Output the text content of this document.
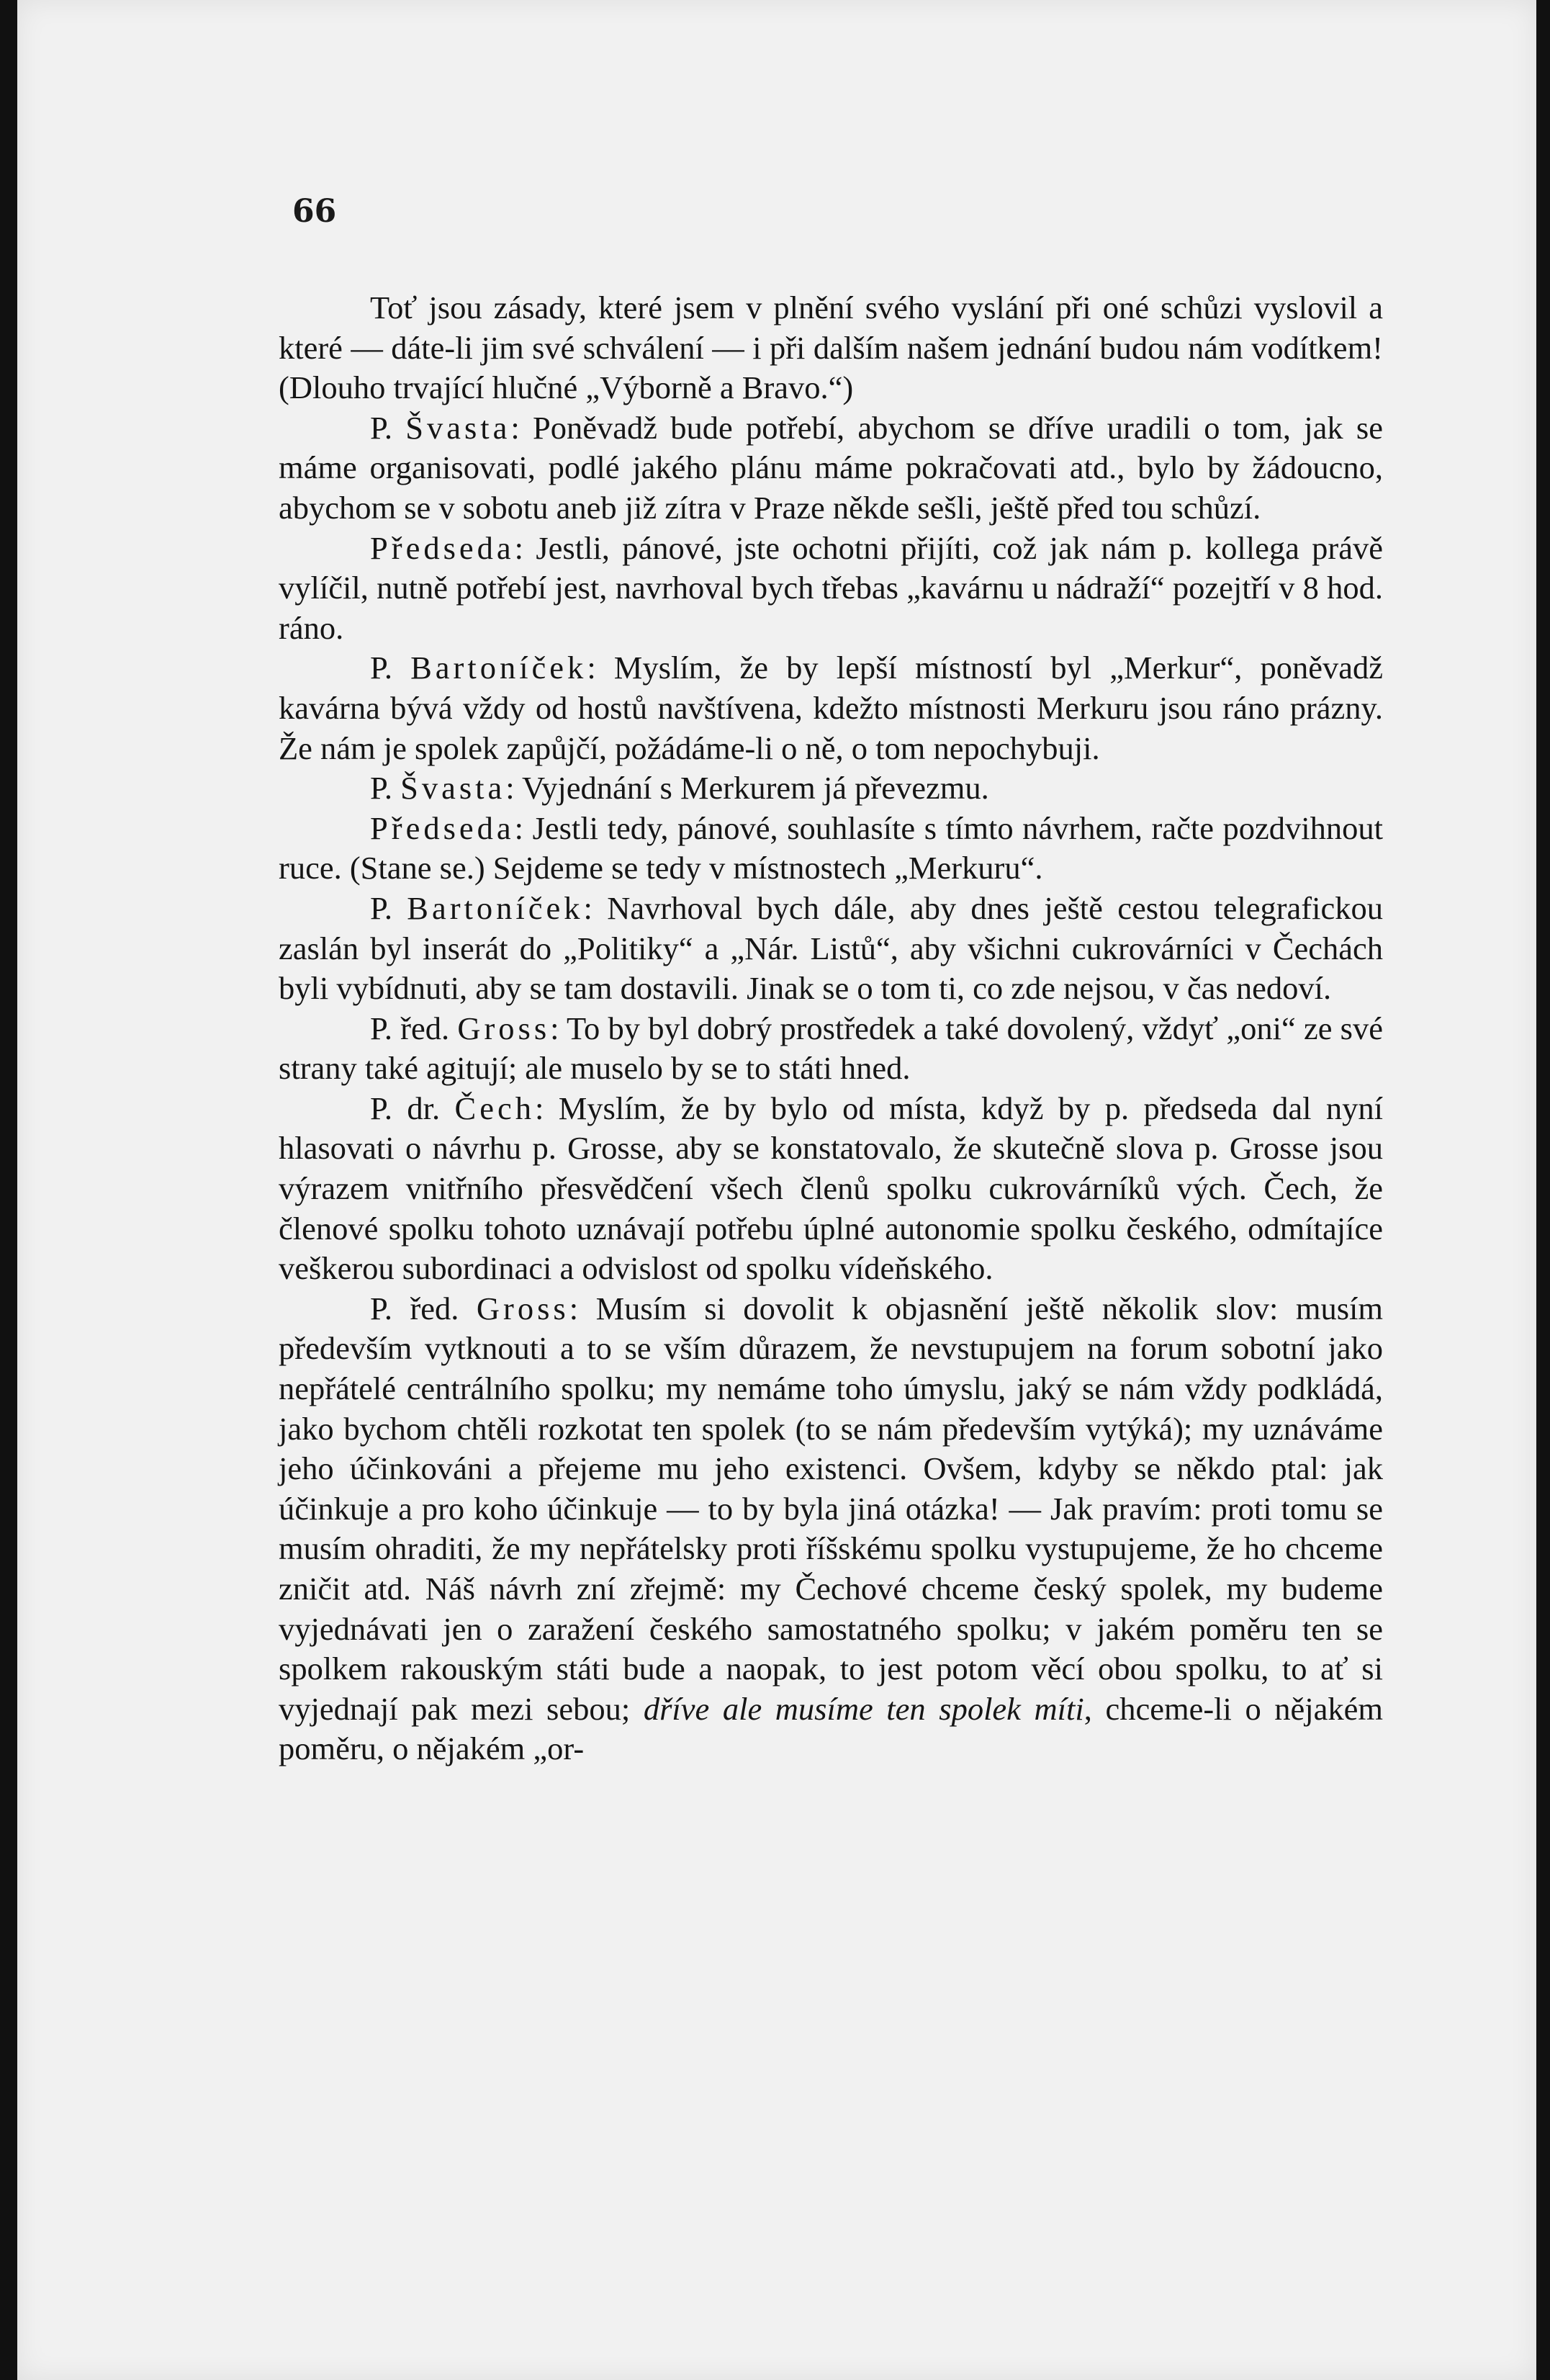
66

Toť jsou zásady, které jsem v plnění svého vyslání při oné schůzi vyslovil a které — dáte-li jim své schválení — i při dalším našem jednání budou nám vodítkem! (Dlouho trvající hlučné „Výborně a Bravo.“)

P. Švasta: Poněvadž bude potřebí, abychom se dříve uradili o tom, jak se máme organisovati, podlé jakého plánu máme pokračovati atd., bylo by žádoucno, abychom se v sobotu aneb již zítra v Praze někde sešli, ještě před tou schůzí.

Předseda: Jestli, pánové, jste ochotni přijíti, což jak nám p. kollega právě vylíčil, nutně potřebí jest, navrhoval bych třebas „kavárnu u nádraží“ pozejtří v 8 hod. ráno.

P. Bartoníček: Myslím, že by lepší místností byl „Merkur“, poněvadž kavárna bývá vždy od hostů navštívena, kdežto místnosti Merkuru jsou ráno prázny. Že nám je spolek zapůjčí, požádáme-li o ně, o tom nepochybuji.

P. Švasta: Vyjednání s Merkurem já převezmu.

Předseda: Jestli tedy, pánové, souhlasíte s tímto návrhem, račte pozdvihnout ruce. (Stane se.) Sejdeme se tedy v místnostech „Merkuru“.

P. Bartoníček: Navrhoval bych dále, aby dnes ještě cestou telegrafickou zaslán byl inserát do „Politiky“ a „Nár. Listů“, aby všichni cukrovárníci v Čechách byli vybídnuti, aby se tam dostavili. Jinak se o tom ti, co zde nejsou, v čas nedoví.

P. řed. Gross: To by byl dobrý prostředek a také dovolený, vždyť „oni“ ze své strany také agitují; ale muselo by se to státi hned.

P. dr. Čech: Myslím, že by bylo od místa, když by p. předseda dal nyní hlasovati o návrhu p. Grosse, aby se konstatovalo, že skutečně slova p. Grosse jsou výrazem vnitřního přesvědčení všech členů spolku cukrovárníků vých. Čech, že členové spolku tohoto uznávají potřebu úplné autonomie spolku českého, odmítajíce veškerou subordinaci a odvislost od spolku vídeňského.

P. řed. Gross: Musím si dovolit k objasnění ještě několik slov: musím především vytknouti a to se vším důrazem, že nevstupujem na forum sobotní jako nepřátelé centrálního spolku; my nemáme toho úmyslu, jaký se nám vždy podkládá, jako bychom chtěli rozkotat ten spolek (to se nám především vytýká); my uznáváme jeho účinkováni a přejeme mu jeho existenci. Ovšem, kdyby se někdo ptal: jak účinkuje a pro koho účinkuje — to by byla jiná otázka! — Jak pravím: proti tomu se musím ohraditi, že my nepřátelsky proti říšskému spolku vystupujeme, že ho chceme zničit atd. Náš návrh zní zřejmě: my Čechové chceme český spolek, my budeme vyjednávati jen o zaražení českého samostatného spolku; v jakém poměru ten se spolkem rakouským státi bude a naopak, to jest potom věcí obou spolku, to ať si vyjednají pak mezi sebou; dříve ale musíme ten spolek míti, chceme-li o nějakém poměru, o nějakém „or-
